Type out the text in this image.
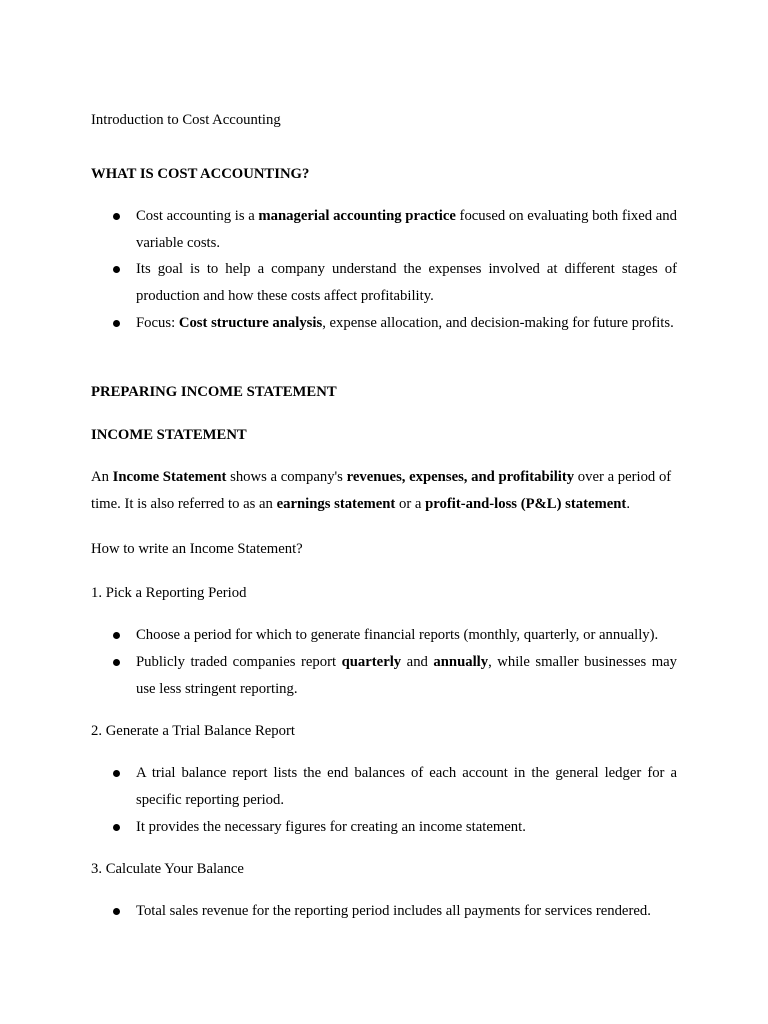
Introduction to Cost Accounting
WHAT IS COST ACCOUNTING?
Cost accounting is a managerial accounting practice focused on evaluating both fixed and variable costs.
Its goal is to help a company understand the expenses involved at different stages of production and how these costs affect profitability.
Focus: Cost structure analysis, expense allocation, and decision-making for future profits.
PREPARING INCOME STATEMENT
INCOME STATEMENT
An Income Statement shows a company's revenues, expenses, and profitability over a period of time. It is also referred to as an earnings statement or a profit-and-loss (P&L) statement.
How to write an Income Statement?
1. Pick a Reporting Period
Choose a period for which to generate financial reports (monthly, quarterly, or annually).
Publicly traded companies report quarterly and annually, while smaller businesses may use less stringent reporting.
2. Generate a Trial Balance Report
A trial balance report lists the end balances of each account in the general ledger for a specific reporting period.
It provides the necessary figures for creating an income statement.
3. Calculate Your Balance
Total sales revenue for the reporting period includes all payments for services rendered.
